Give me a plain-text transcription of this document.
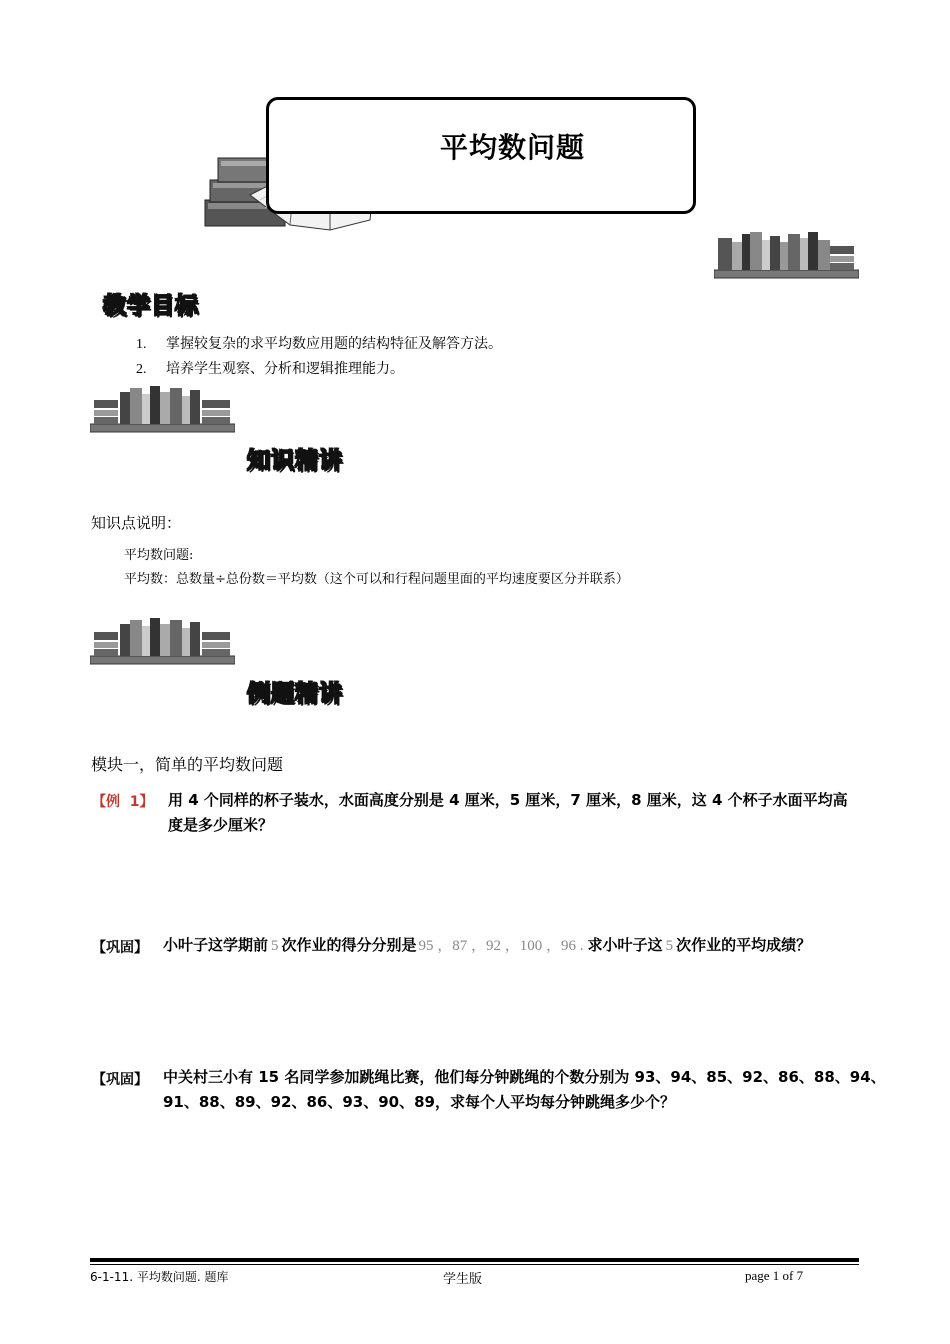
平均数问题
教学目标
1. 掌握较复杂的求平均数应用题的结构特征及解答方法。
2. 培养学生观察、分析和逻辑推理能力。
知识精讲
知识点说明：
平均数问题:
平均数：总数量÷总份数＝平均数（这个可以和行程问题里面的平均速度要区分并联系）
例题精讲
模块一，简单的平均数问题
【例  1】 用 4 个同样的杯子装水，水面高度分别是 4 厘米，5 厘米，7 厘米，8 厘米，这 4 个杯子水面平均高
度是多少厘米？
【巩固】 小叶子这学期前 5 次作业的得分分别是 95 ，87 ，92 ，100 ，96 . 求小叶子这 5 次作业的平均成绩？
【巩固】 中关村三小有 15 名同学参加跳绳比赛，他们每分钟跳绳的个数分别为 93、94、85、92、86、88、94、
91、88、89、92、86、93、90、89，求每个人平均每分钟跳绳多少个？
6-1-11. 平均数问题. 题库	学生版	page 1 of 7
